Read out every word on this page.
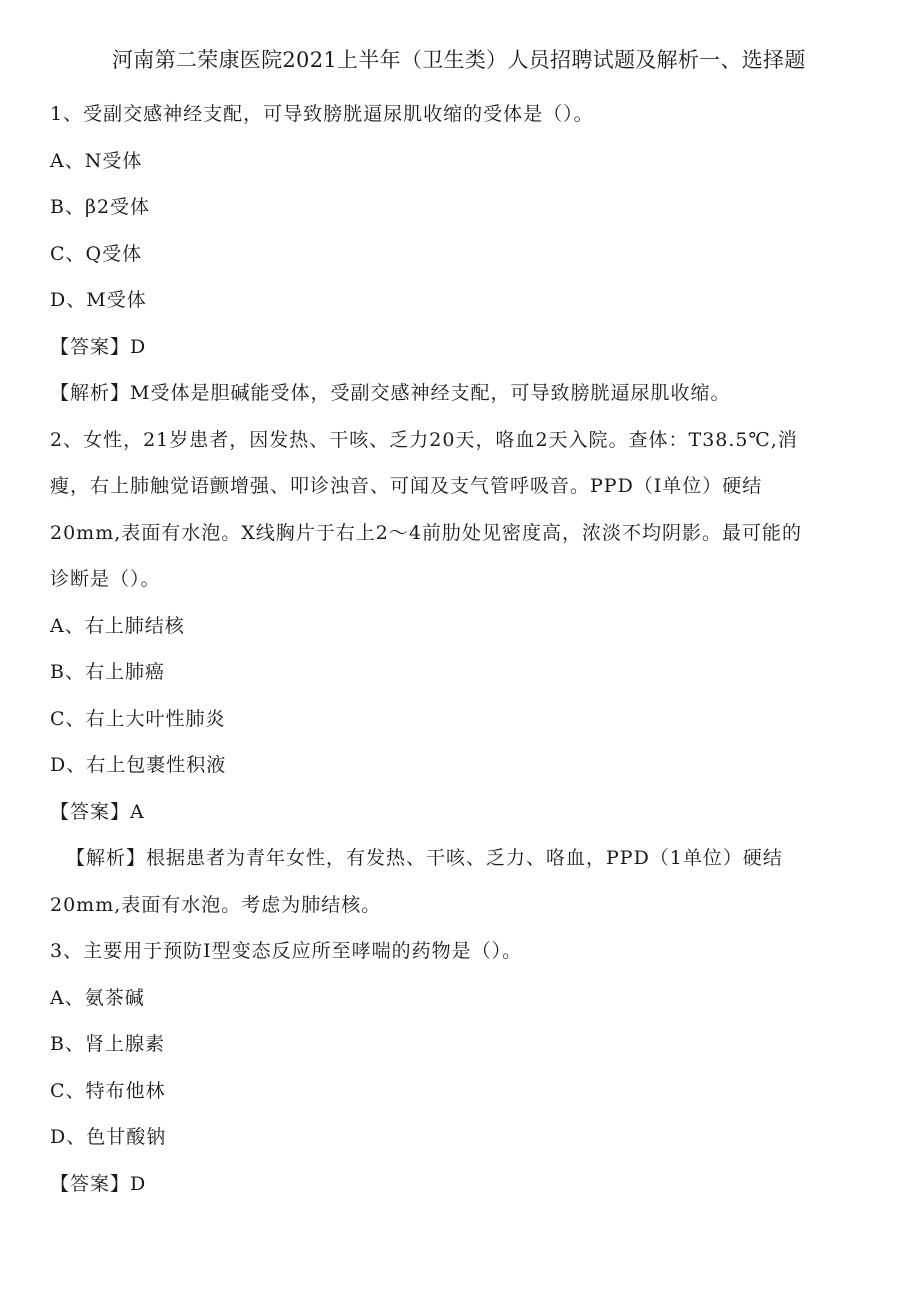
河南第二荣康医院2021上半年（卫生类）人员招聘试题及解析一、选择题
1、受副交感神经支配，可导致膀胱逼尿肌收缩的受体是（）。
A、N受体
B、β2受体
C、Q受体
D、M受体
【答案】D
【解析】M受体是胆碱能受体，受副交感神经支配，可导致膀胱逼尿肌收缩。
2、女性，21岁患者，因发热、干咳、乏力20天，咯血2天入院。查体：T38.5℃,消
瘦，右上肺触觉语颤增强、叩诊浊音、可闻及支气管呼吸音。PPD（I单位）硬结
20mm,表面有水泡。X线胸片于右上2～4前肋处见密度高，浓淡不均阴影。最可能的
诊断是（）。
A、右上肺结核
B、右上肺癌
C、右上大叶性肺炎
D、右上包裹性积液
【答案】A
【解析】根据患者为青年女性，有发热、干咳、乏力、咯血，PPD（1单位）硬结
20mm,表面有水泡。考虑为肺结核。
3、主要用于预防I型变态反应所至哮喘的药物是（）。
A、氨茶碱
B、肾上腺素
C、特布他林
D、色甘酸钠
【答案】D
